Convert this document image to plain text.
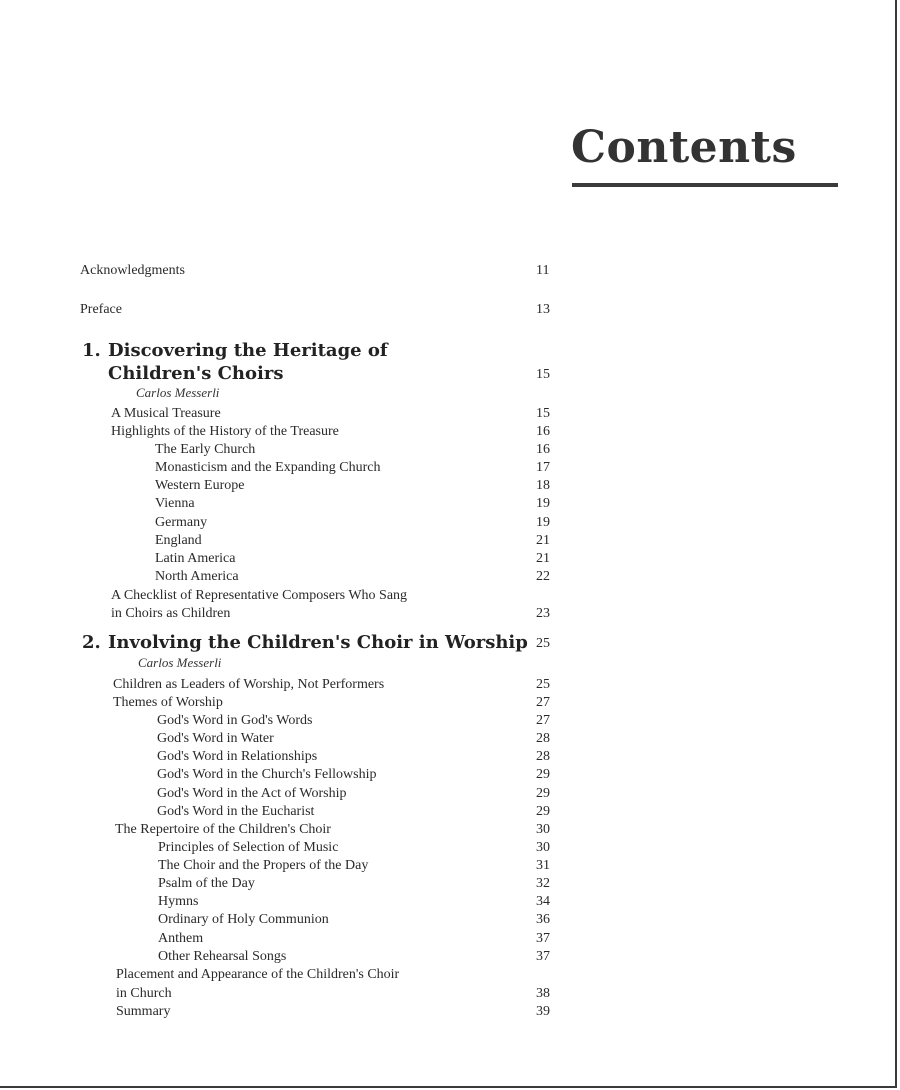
Contents
Acknowledgments	11
Preface	13
1. Discovering the Heritage of
Children's Choirs	15
Carlos Messerli
A Musical Treasure	15
Highlights of the History of the Treasure	16
The Early Church	16
Monasticism and the Expanding Church	17
Western Europe	18
Vienna	19
Germany	19
England	21
Latin America	21
North America	22
A Checklist of Representative Composers Who Sang
in Choirs as Children	23
2. Involving the Children's Choir in Worship 25
Carlos Messerli
Children as Leaders of Worship, Not Performers	25
Themes of Worship	27
God's Word in God's Words	27
God's Word in Water	28
God's Word in Relationships	28
God's Word in the Church's Fellowship	29
God's Word in the Act of Worship	29
God's Word in the Eucharist	29
The Repertoire of the Children's Choir	30
Principles of Selection of Music	30
The Choir and the Propers of the Day	31
Psalm of the Day	32
Hymns	34
Ordinary of Holy Communion	36
Anthem	37
Other Rehearsal Songs	37
Placement and Appearance of the Children's Choir
in Church	38
Summary	39
